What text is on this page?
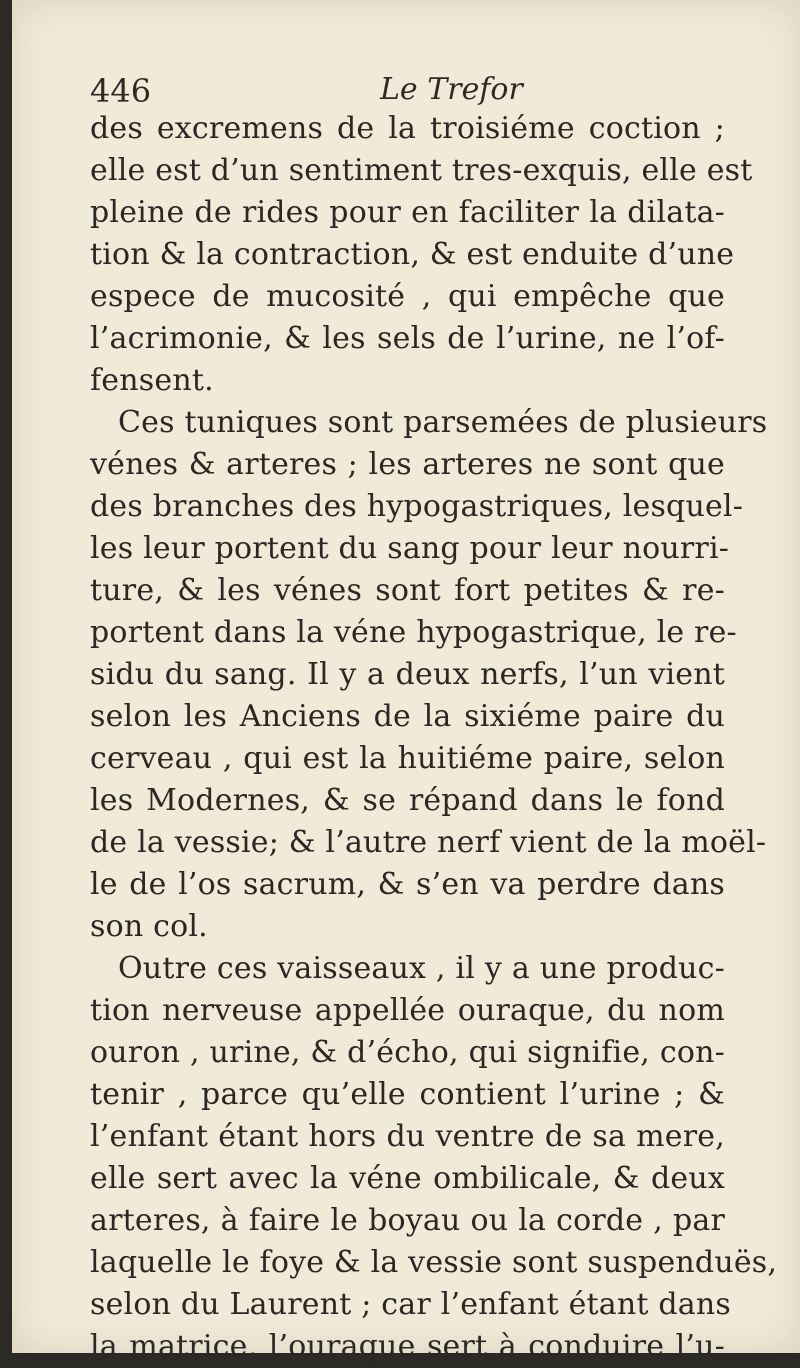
446	Le Trefor
des excremens de la troisiéme coction ;
elle est d’un sentiment tres-exquis, elle est
pleine de rides pour en faciliter la dilata-
tion & la contraction, & est enduite d’une
espece de mucosité , qui empêche que
l’acrimonie, & les sels de l’urine, ne l’of-
fensent.
Ces tuniques sont parsemées de plusieurs
vénes & arteres ; les arteres ne sont que
des branches des hypogastriques, lesquel-
les leur portent du sang pour leur nourri-
ture, & les vénes sont fort petites & re-
portent dans la véne hypogastrique, le re-
sidu du sang. Il y a deux nerfs, l’un vient
selon les Anciens de la sixiéme paire du
cerveau , qui est la huitiéme paire, selon
les Modernes, & se répand dans le fond
de la vessie; & l’autre nerf vient de la moël-
le de l’os sacrum, & s’en va perdre dans
son col.
Outre ces vaisseaux , il y a une produc-
tion nerveuse appellée ouraque, du nom
ouron , urine, & d’écho, qui signifie, con-
tenir , parce qu’elle contient l’urine ; &
l’enfant étant hors du ventre de sa mere,
elle sert avec la véne ombilicale, & deux
arteres, à faire le boyau ou la corde , par
laquelle le foye & la vessie sont suspenduës,
selon du Laurent ; car l’enfant étant dans
la matrice, l’ouraque sert à conduire l’u-
